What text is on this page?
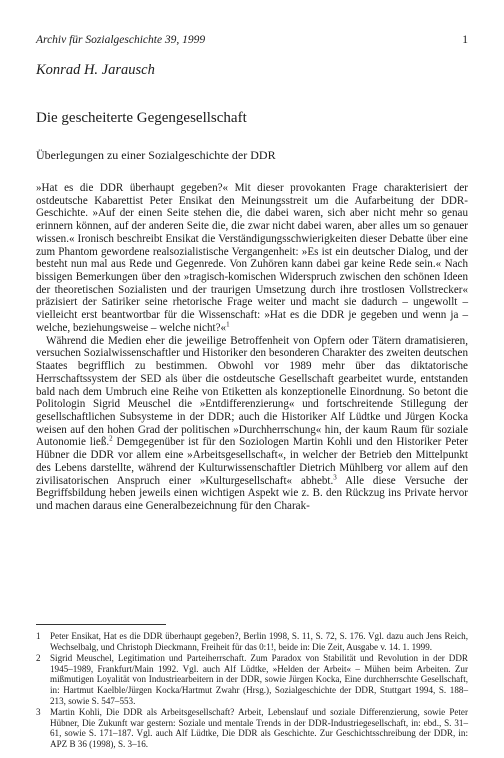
Archiv für Sozialgeschichte 39, 1999	1
Konrad H. Jarausch
Die gescheiterte Gegengesellschaft
Überlegungen zu einer Sozialgeschichte der DDR

»Hat es die DDR überhaupt gegeben?« Mit dieser provokanten Frage charakterisiert der ostdeutsche Kabarettist Peter Ensikat den Meinungsstreit um die Aufarbeitung der DDR-Geschichte. »Auf der einen Seite stehen die, die dabei waren, sich aber nicht mehr so genau erinnern können, auf der anderen Seite die, die zwar nicht dabei waren, aber alles um so genauer wissen.« Ironisch beschreibt Ensikat die Verständigungsschwierigkeiten dieser Debatte über eine zum Phantom gewordene realsozialistische Vergangenheit: »Es ist ein deutscher Dialog, und der besteht nun mal aus Rede und Gegenrede. Von Zuhören kann dabei gar keine Rede sein.« Nach bissigen Bemerkungen über den »tragisch-komischen Widerspruch zwischen den schönen Ideen der theoretischen Sozialisten und der traurigen Umsetzung durch ihre trostlosen Vollstrecker« präzisiert der Satiriker seine rhetorische Frage weiter und macht sie dadurch – ungewollt – vielleicht erst beantwortbar für die Wissenschaft: »Hat es die DDR je gegeben und wenn ja – welche, beziehungsweise – welche nicht?«$^1$

Während die Medien eher die jeweilige Betroffenheit von Opfern oder Tätern dramatisieren, versuchen Sozialwissenschaftler und Historiker den besonderen Charakter des zweiten deutschen Staates begrifflich zu bestimmen. Obwohl vor 1989 mehr über das diktatorische Herrschaftssystem der SED als über die ostdeutsche Gesellschaft gearbeitet wurde, entstanden bald nach dem Umbruch eine Reihe von Etiketten als konzeptionelle Einordnung. So betont die Politologin Sigrid Meuschel die »Entdifferenzierung« und fortschreitende Stillegung der gesellschaftlichen Subsysteme in der DDR; auch die Historiker Alf Lüdtke und Jürgen Kocka weisen auf den hohen Grad der politischen »Durchherrschung« hin, der kaum Raum für soziale Autonomie ließ.$^2$ Demgegenüber ist für den Soziologen Martin Kohli und den Historiker Peter Hübner die DDR vor allem eine »Arbeitsgesellschaft«, in welcher der Betrieb den Mittelpunkt des Lebens darstellte, während der Kulturwissenschaftler Dietrich Mühlberg vor allem auf den zivilisatorischen Anspruch einer »Kulturgesellschaft« abhebt.$^3$ Alle diese Versuche der Begriffsbildung heben jeweils einen wichtigen Aspekt wie z. B. den Rückzug ins Private hervor und machen daraus eine Generalbezeichnung für den Charak-

1	Peter Ensikat, Hat es die DDR überhaupt gegeben?, Berlin 1998, S. 11, S. 72, S. 176. Vgl. dazu auch Jens Reich, Wechselbalg, und Christoph Dieckmann, Freiheit für das 0:1!, beide in: Die Zeit, Ausgabe v. 14. 1. 1999.
2	Sigrid Meuschel, Legitimation und Parteiherrschaft. Zum Paradox von Stabilität und Revolution in der DDR 1945–1989, Frankfurt/Main 1992. Vgl. auch Alf Lüdtke, »Helden der Arbeit« – Mühen beim Arbeiten. Zur mißmutigen Loyalität von Industriearbeitern in der DDR, sowie Jürgen Kocka, Eine durchherrschte Gesellschaft, in: Hartmut Kaelble/Jürgen Kocka/Hartmut Zwahr (Hrsg.), Sozialgeschichte der DDR, Stuttgart 1994, S. 188–213, sowie S. 547–553.
3	Martin Kohli, Die DDR als Arbeitsgesellschaft? Arbeit, Lebenslauf und soziale Differenzierung, sowie Peter Hübner, Die Zukunft war gestern: Soziale und mentale Trends in der DDR-Industriegesellschaft, in: ebd., S. 31–61, sowie S. 171–187. Vgl. auch Alf Lüdtke, Die DDR als Geschichte. Zur Geschichtsschreibung der DDR, in: APZ B 36 (1998), S. 3–16.
